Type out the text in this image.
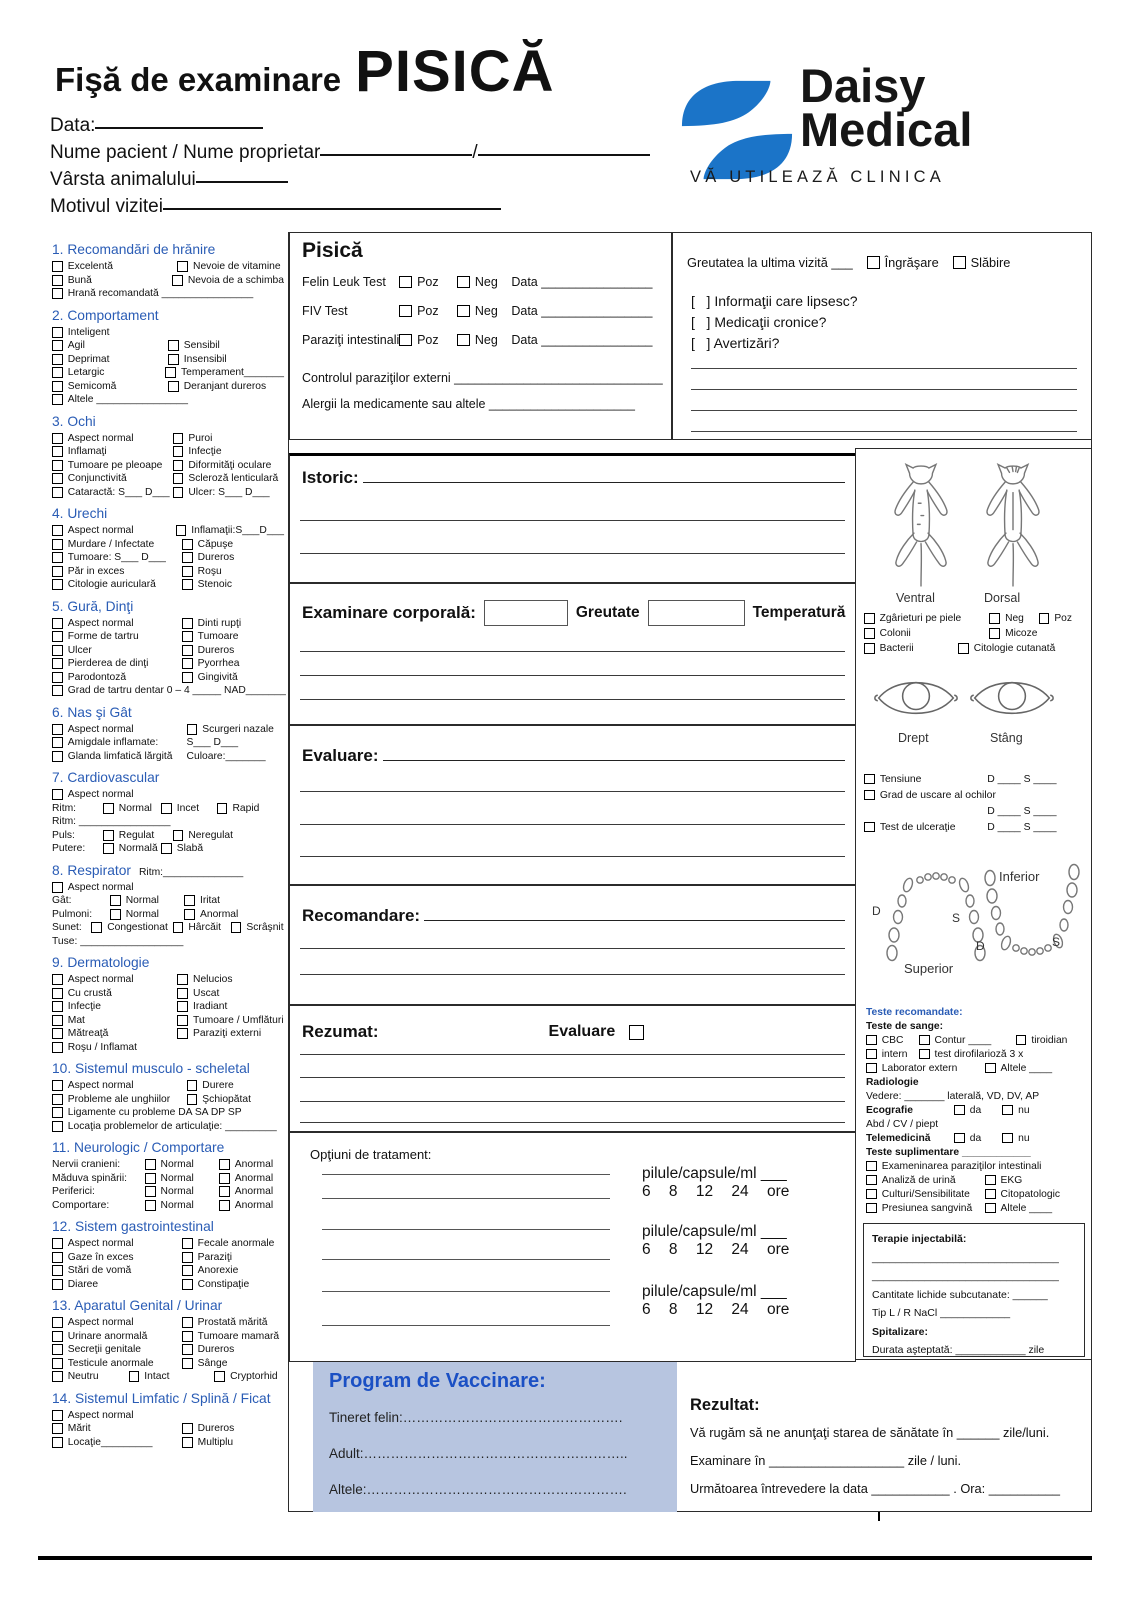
Fişă de examinare PISICĂ
Data:
Nume pacient / Nume proprietar	/
Vârsta animalului
Motivul vizitei
Daisy
Medical
VĂ UTILEAZĂ CLINICA
1. Recomandări de hrănire
Excelentă	Nevoie de vitamine
Bună	Nevoia de a schimba
Hrană recomandată ________________
2. Comportament
Inteligent
Agil	Sensibil
Deprimat	Insensibil
Letargic	Temperament_______
Semicomă	Deranjant dureros
Altele ________________
3. Ochi
Aspect normal	Puroi
Inflamaţi	Infecţie
Tumoare pe pleoape	Diformităţi oculare
Conjunctivită	Scleroză lenticulară
Cataractă: S___ D___ Ulcer: S___ D___
4. Urechi
Aspect normal	Inflamaţii:S___D___
Murdare / Infectate	Căpuşe
Tumoare: S___ D___	Dureros
Păr in exces	Roşu
Citologie auriculară	Stenoic
5. Gură, Dinţi
Aspect normal	Dinti rupţi
Forme de tartru	Tumoare
Ulcer	Dureros
Pierderea de dinţi	Pyorrhea
Parodontoză	Gingivită
Grad de tartru dentar 0 – 4 _____ NAD_______
6. Nas şi Gât
Aspect normal	Scurgeri nazale
Amigdale inflamate:	S___ D___
Glanda limfatică lărgită Culoare:_______
7. Cardiovascular
Aspect normal
Ritm:	Normal Incet	Rapid
Ritm: ________________
Puls:	Regulat	Neregulat
Putere:	Normală Slabă
8. Respirator Ritm:______________
Aspect normal
Gât:	Normal	Iritat
Pulmoni:	Normal	Anormal
Sunet: Congestionat Hârcăit Scrâşnit
Tuse: __________________
9. Dermatologie
Aspect normal	Nelucios
Cu crustă	Uscat
Infecţie	Iradiant
Mat	Tumoare / Umflături
Mătreaţă	Paraziţi externi
Roşu / Inflamat
10. Sistemul musculo - scheletal
Aspect normal	Durere
Probleme ale unghiilor	Şchiopătat
Ligamente cu probleme DA SA DP SP
Locaţia problemelor de articulaţie: _________
11. Neurologic / Comportare
Nervii cranieni:	Normal	Anormal
Măduva spinării:	Normal	Anormal
Periferici:	Normal	Anormal
Comportare:	Normal	Anormal
12. Sistem gastrointestinal
Aspect normal	Fecale anormale
Gaze în exces	Paraziţi
Stări de vomă	Anorexie
Diaree	Constipaţie
13. Aparatul Genital / Urinar
Aspect normal	Prostată mărită
Urinare anormală	Tumoare mamară
Secreţii genitale	Dureros
Testicule anormale	Sânge
Neutru	Intact	Cryptorhid
14. Sistemul Limfatic / Splină / Ficat
Aspect normal
Mărit	Dureros
Locaţie_________	Multiplu
Pisică
Felin Leuk Test Poz	Neg Data ________________
FIV Test	Poz	Neg Data ________________
Paraziţi intestinali Poz	Neg Data ________________
Controlul paraziţilor externi ______________________________
Alergii la medicamente sau altele _____________________
Greutatea la ultima vizită ___ Îngrăşare Slăbire
[   ] Informaţii care lipsesc?
[   ] Medicaţii cronice?
[   ] Avertizări?
Istoric:
Examinare corporală:	Greutate	Temperatură
Evaluare:
Recomandare:
Rezumat:	Evaluare
Opţiuni de tratament:
pilule/capsule/ml ___
6 8 12 24 ore
pilule/capsule/ml ___
6 8 12 24 ore
pilule/capsule/ml ___
6 8 12 24 ore
Ventral	Dorsal
Zgârieturi pe piele	Neg	Poz
Colonii	Micoze
Bacterii	Citologie cutanată
Drept	Stâng
Tensiune	D ____ S ____
Grad de uscare al ochilor
D ____ S ____
Test de ulceraţie	D ____ S ____
Inferior
Superior
D	S
D	S
Teste recomandate:
Teste de sange:
CBC	Contur ____	tiroidian
intern	test dirofilarioză 3 x
Laborator extern	Altele ____
Radiologie
Vedere: _______ laterală, VD, DV, AP
Ecografie	da	nu
Abd / CV / piept
Telemedicină	da	nu
Teste suplimentare ____________
Exameninarea paraziţilor intestinali
Analiză de urină	EKG
Culturi/Sensibilitate	Citopatologic
Presiunea sangvină	Altele ____
Terapie injectabilă:
________________________________
________________________________
Cantitate lichide subcutanate: ______
Tip L / R NaCl ____________
Spitalizare:
Durata aşteptată: ____________ zile
Program de Vaccinare:
Tineret felin:………………………………………….
Adult:…………………………………………………..
Altele:………………………………………………….
Rezultat:
Vă rugăm să ne anunţaţi starea de sănătate în ______ zile/luni.
Examinare în ___________________ zile / luni.
Următoarea întrevedere la data ___________ . Ora: __________
